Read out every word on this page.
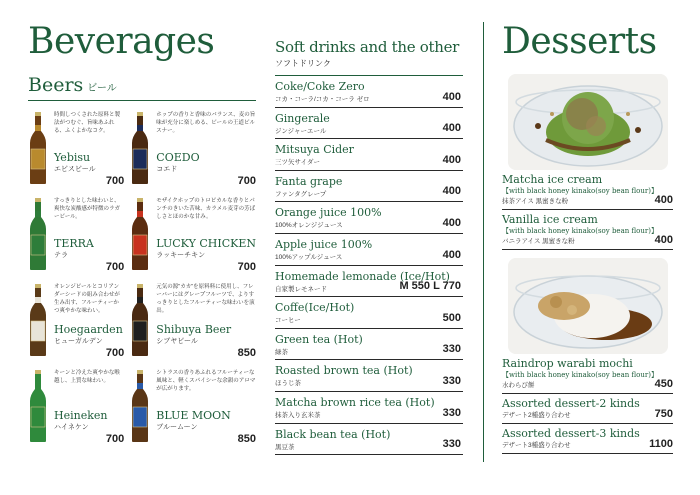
Beverages
Beers ビール
時間しつくされた原料と製法がつむぐ、旨味あふれる、ふくよかなコク。
Yebisu
エビスビール
700
ホップの香りと香味のバランス、麦の旨味が充分に楽しめる、ビールの王道ピルスナー。
COEDO
コエド
700
すっきりとした味わいと、爽快な炭酸感が特徴のラガービール。
TERRA
テラ
700
モザイクホップのトロピカルな香りとパンチのきいた苦味、カラメル麦芽の芳ばしさとほのかな甘み。
LUCKY CHICKEN
ラッキーチキン
700
オレンジピールとコリアンダーシードの組み合わせが生み出す、フルーティーかつ爽やかな味わい。
Hoegaarden
ヒューガルデン
700
元気の源"カカ"を原料料に使用し、フレーバーにはグレープフルーツで、よりすっきりとしたフルーティーな味わいを演出。
Shibuya Beer
シブヤビール
850
キーンと冷えた爽やかな喉越し、上質な味わい。
Heineken
ハイネケン
700
シトラスの香りあふれるフルーティーな風味と、軽くスパイシーな余韻のアロマが広がります。
BLUE MOON
ブルームーン
850
Soft drinks and the other
ソフトドリンク
Coke/Coke Zero
コカ・コーラ/コカ・コーラ ゼロ	400
Gingerale
ジンジャーエール	400
Mitsuya Cider
三ツ矢サイダー	400
Fanta grape
ファンタグレープ	400
Orange juice 100%
100%オレンジジュース	400
Apple juice 100%
100%アップルジュース	400
Homemade lemonade (Ice/Hot)
自家製レモネード	M 550 L 770
Coffe(Ice/Hot)
コーヒー	500
Green tea (Hot)
緑茶	330
Roasted brown tea (Hot)
ほうじ茶	330
Matcha brown rice tea (Hot)
抹茶入り玄米茶	330
Black bean tea (Hot)
黒豆茶	330
Desserts
Matcha ice cream
【with black honey kinako(soy bean flour)】
抹茶アイス 黒蜜きな粉	400
Vanilla ice cream
【with black honey kinako(soy bean flour)】
バニラアイス 黒蜜きな粉	400
Raindrop warabi mochi
【with black honey kinako(soy bean flour)】
水わらび餅	450
Assorted dessert-2 kinds
デザート2種盛り合わせ	750
Assorted dessert-3 kinds
デザート3種盛り合わせ	1100
